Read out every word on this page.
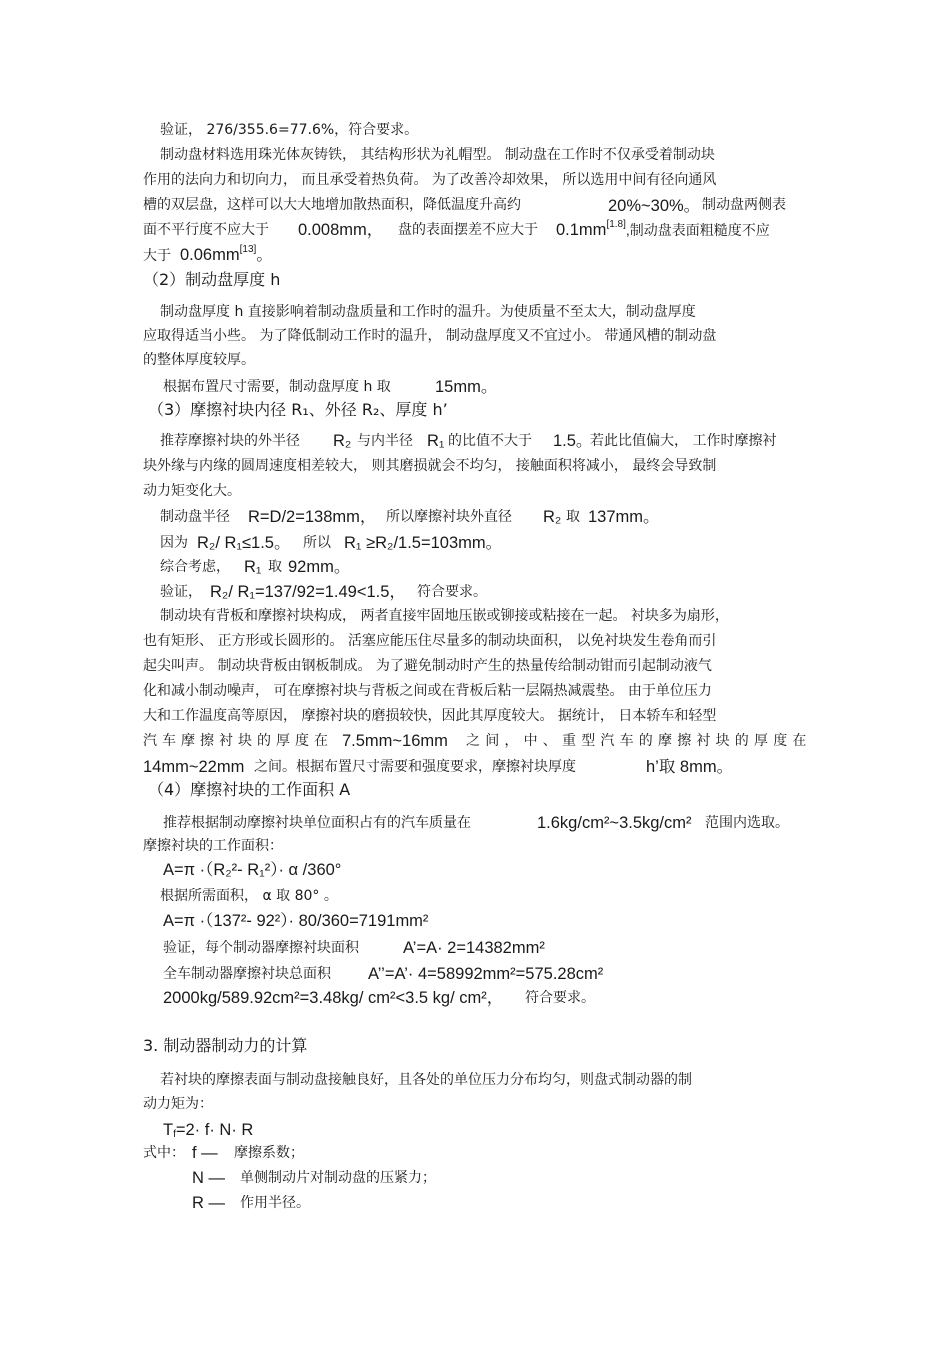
验证， 276/355.6=77.6%，符合要求。
制动盘材料选用珠光体灰铸铁， 其结构形状为礼帽型。 制动盘在工作时不仅承受着制动块
作用的法向力和切向力， 而且承受着热负荷。 为了改善冷却效果， 所以选用中间有径向通风
槽的双层盘，这样可以大大地增加散热面积，降低温度升高约	20%~30%。 制动盘两侧表
面不平行度不应大于 0.008mm， 盘的表面摆差不应大于 0.1mm[1.8],制动盘表面粗糙度不应
大于 0.06mm[13]。
（2）制动盘厚度 h
制动盘厚度 h 直接影响着制动盘质量和工作时的温升。为使质量不至太大，制动盘厚度
应取得适当小些。 为了降低制动工作时的温升， 制动盘厚度又不宜过小。 带通风槽的制动盘
的整体厚度较厚。
根据布置尺寸需要，制动盘厚度 h 取	15mm。
（3）摩擦衬块内径 R₁、外径 R₂、厚度 h’
推荐摩擦衬块的外半径 R₂ 与内半径 R₁ 的比值不大于 1.5。
若此比值偏大， 工作时摩擦衬
块外缘与内缘的圆周速度相差较大， 则其磨损就会不均匀， 接触面积将减小， 最终会导致制
动力矩变化大。
制动盘半径 R=D/2=138mm， 所以摩擦衬块外直径 R₂ 取 137mm。
因为 R₂/ R₁≤1.5。 所以 R₁ ≥R₂/1.5=103mm。
综合考虑， R₁ 取 92mm。
验证， R₂/ R₁=137/92=1.49<1.5， 符合要求。
制动块有背板和摩擦衬块构成， 两者直接牢固地压嵌或铆接或粘接在一起。 衬块多为扇形，
也有矩形、 正方形或长圆形的。 活塞应能压住尽量多的制动块面积， 以免衬块发生卷角而引
起尖叫声。 制动块背板由钢板制成。 为了避免制动时产生的热量传给制动钳而引起制动液气
化和减小制动噪声， 可在摩擦衬块与背板之间或在背板后粘一层隔热减震垫。 由于单位压力
大和工作温度高等原因， 摩擦衬块的磨损较快，因此其厚度较大。 据统计， 日本轿车和轻型
汽车摩擦衬块的厚度在 7.5mm~16mm 之间，中、重型汽车的摩擦衬块的厚度在
14mm~22mm 之间。根据布置尺寸需要和强度要求，摩擦衬块厚度	h’取 8mm。
（4）摩擦衬块的工作面积 A
推荐根据制动摩擦衬块单位面积占有的汽车质量在	1.6kg/cm²~3.5kg/cm² 范围内选取。
摩擦衬块的工作面积：
A=π ·（R₂²- R₁²）· α /360°
根据所需面积， α 取 80° 。
A=π ·（137²- 92²）· 80/360=7191mm²
验证，每个制动器摩擦衬块面积	A’=A· 2=14382mm²
全车制动器摩擦衬块总面积 A’’=A’· 4=58992mm²=575.28cm²
2000kg/589.92cm²=3.48kg/ cm²<3.5 kg/ cm²， 符合要求。
3. 制动器制动力的计算
若衬块的摩擦表面与制动盘接触良好，且各处的单位压力分布均匀，则盘式制动器的制
动力矩为：
$T_f=2\cdot f\cdot N\cdot R$
式中： f — 摩擦系数；
N — 单侧制动片对制动盘的压紧力；
R — 作用半径。
